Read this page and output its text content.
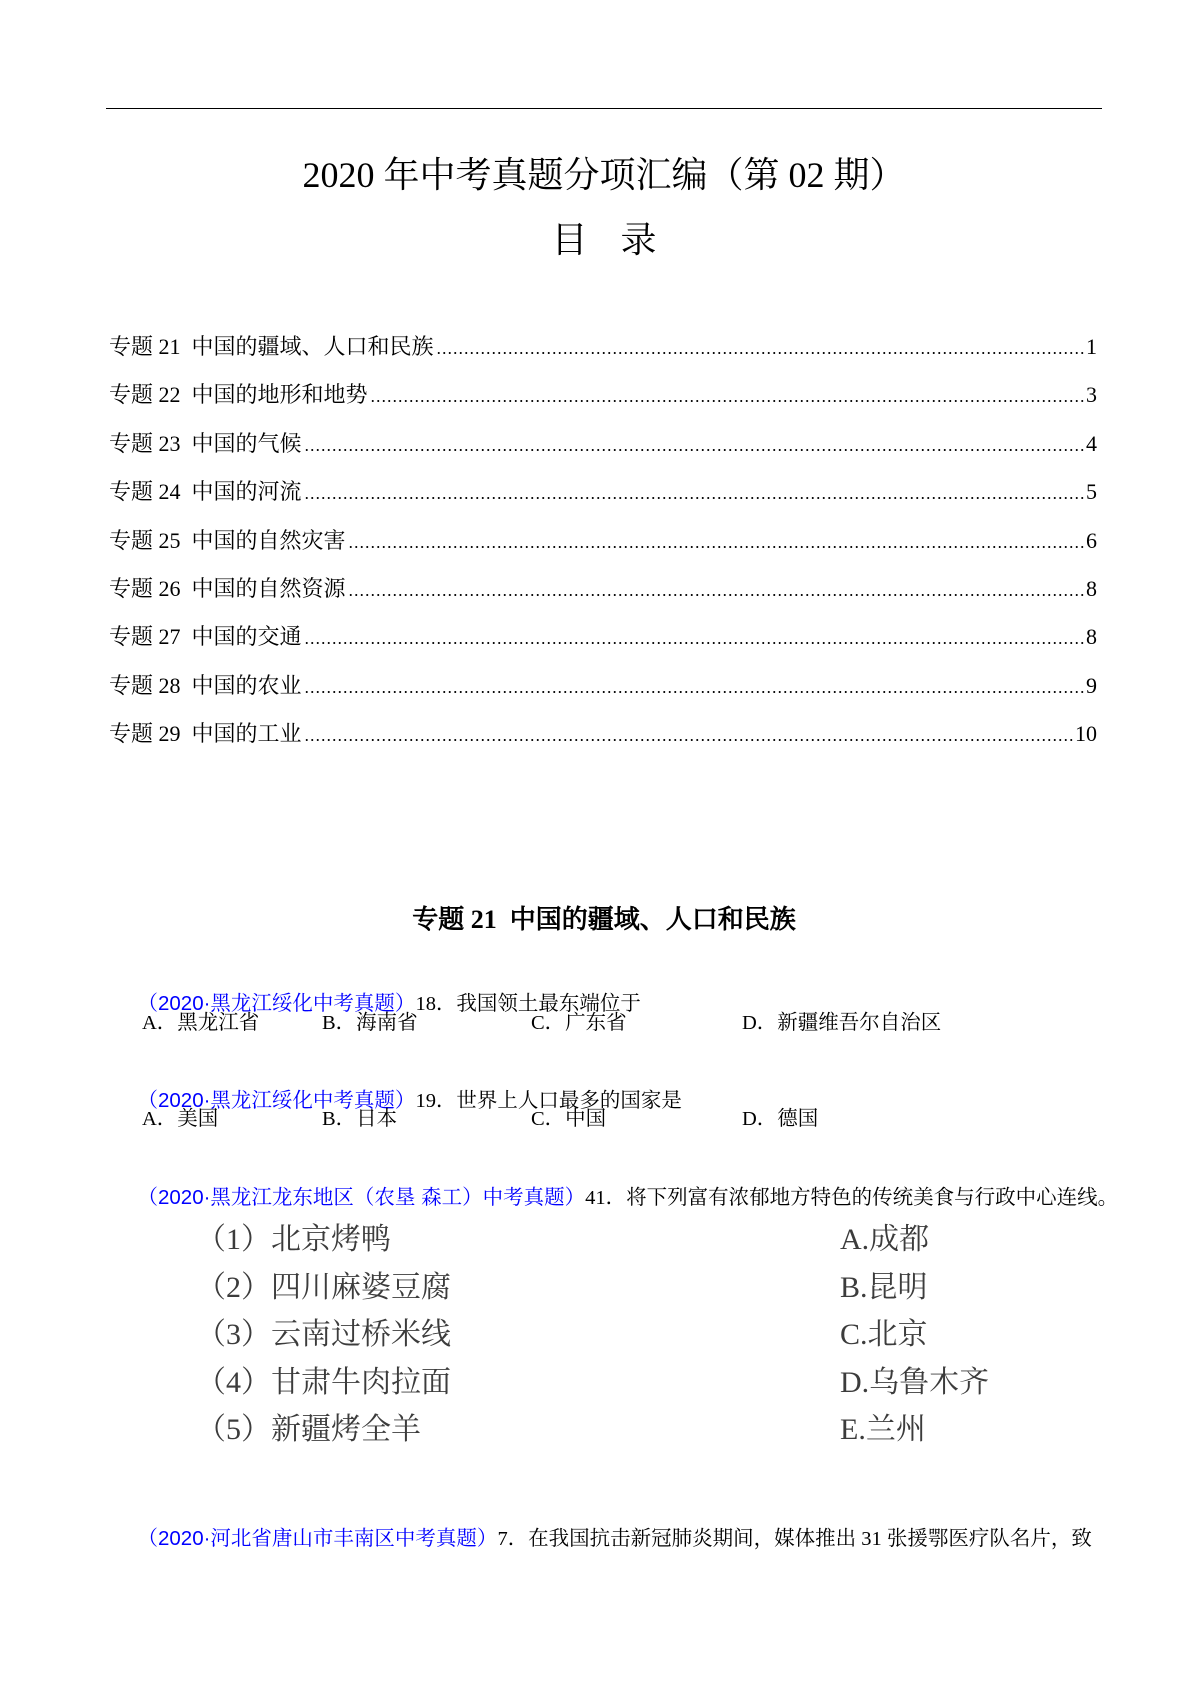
2020 年中考真题分项汇编（第 02 期）
目 录
专题 21  中国的疆域、人口和民族	1
专题 22  中国的地形和地势	3
专题 23  中国的气候	4
专题 24  中国的河流	5
专题 25  中国的自然灾害	6
专题 26  中国的自然资源	8
专题 27  中国的交通	8
专题 28  中国的农业	9
专题 29  中国的工业	10
专题 21  中国的疆域、人口和民族

（2020·黑龙江绥化中考真题）18．我国领土最东端位于

A．黑龙江省	B．海南省	C．广东省	D．新疆维吾尔自治区

（2020·黑龙江绥化中考真题）19．世界上人口最多的国家是

A．美国	B．日本	C．中国	D．德国

（2020·黑龙江龙东地区（农垦 森工）中考真题）41．将下列富有浓郁地方特色的传统美食与行政中心连线。

（1）北京烤鸭	A.成都
（2）四川麻婆豆腐	B.昆明
（3）云南过桥米线	C.北京
（4）甘肃牛肉拉面	D.乌鲁木齐
（5）新疆烤全羊	E.兰州

（2020·河北省唐山市丰南区中考真题）7．在我国抗击新冠肺炎期间，媒体推出 31 张援鄂医疗队名片，致
